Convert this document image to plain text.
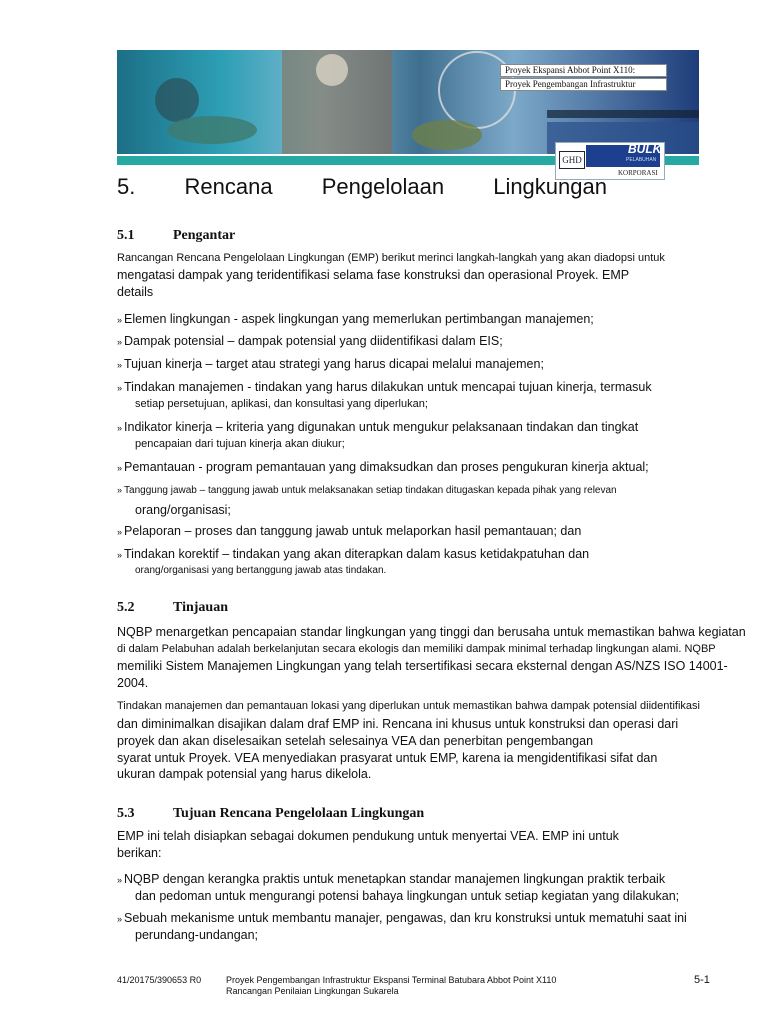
Proyek Ekspansi Abbot Point X110:
Proyek Pengembangan Infrastruktur
GHD
BULK
PELABUHAN
KORPORASI
5. Rencana Pengelolaan Lingkungan
5.1	Pengantar
Rancangan Rencana Pengelolaan Lingkungan (EMP) berikut merinci langkah-langkah yang akan diadopsi untuk
mengatasi dampak yang teridentifikasi selama fase konstruksi dan operasional Proyek. EMP
details
» Elemen lingkungan - aspek lingkungan yang memerlukan pertimbangan manajemen;
» Dampak potensial – dampak potensial yang diidentifikasi dalam EIS;
» Tujuan kinerja – target atau strategi yang harus dicapai melalui manajemen;
» Tindakan manajemen - tindakan yang harus dilakukan untuk mencapai tujuan kinerja, termasuk
setiap persetujuan, aplikasi, dan konsultasi yang diperlukan;
» Indikator kinerja – kriteria yang digunakan untuk mengukur pelaksanaan tindakan dan tingkat
pencapaian dari tujuan kinerja akan diukur;
» Pemantauan - program pemantauan yang dimaksudkan dan proses pengukuran kinerja aktual;
» Tanggung jawab – tanggung jawab untuk melaksanakan setiap tindakan ditugaskan kepada pihak yang relevan
orang/organisasi;
» Pelaporan – proses dan tanggung jawab untuk melaporkan hasil pemantauan; dan
» Tindakan korektif – tindakan yang akan diterapkan dalam kasus ketidakpatuhan dan
orang/organisasi yang bertanggung jawab atas tindakan.
5.2	Tinjauan
NQBP menargetkan pencapaian standar lingkungan yang tinggi dan berusaha untuk memastikan bahwa kegiatan
di dalam Pelabuhan adalah berkelanjutan secara ekologis dan memiliki dampak minimal terhadap lingkungan alami. NQBP
memiliki Sistem Manajemen Lingkungan yang telah tersertifikasi secara eksternal dengan AS/NZS ISO 14001-
2004.
Tindakan manajemen dan pemantauan lokasi yang diperlukan untuk memastikan bahwa dampak potensial diidentifikasi
dan diminimalkan disajikan dalam draf EMP ini. Rencana ini khusus untuk konstruksi dan operasi dari
proyek dan akan diselesaikan setelah selesainya VEA dan penerbitan pengembangan
syarat untuk Proyek. VEA menyediakan prasyarat untuk EMP, karena ia mengidentifikasi sifat dan
ukuran dampak potensial yang harus dikelola.
5.3	Tujuan Rencana Pengelolaan Lingkungan
EMP ini telah disiapkan sebagai dokumen pendukung untuk menyertai VEA. EMP ini untuk
berikan:
» NQBP dengan kerangka praktis untuk menetapkan standar manajemen lingkungan praktik terbaik
dan pedoman untuk mengurangi potensi bahaya lingkungan untuk setiap kegiatan yang dilakukan;
» Sebuah mekanisme untuk membantu manajer, pengawas, dan kru konstruksi untuk mematuhi saat ini
perundang-undangan;
41/20175/390653 R0	Proyek Pengembangan Infrastruktur Ekspansi Terminal Batubara Abbot Point X110
Rancangan Penilaian Lingkungan Sukarela
5-1
